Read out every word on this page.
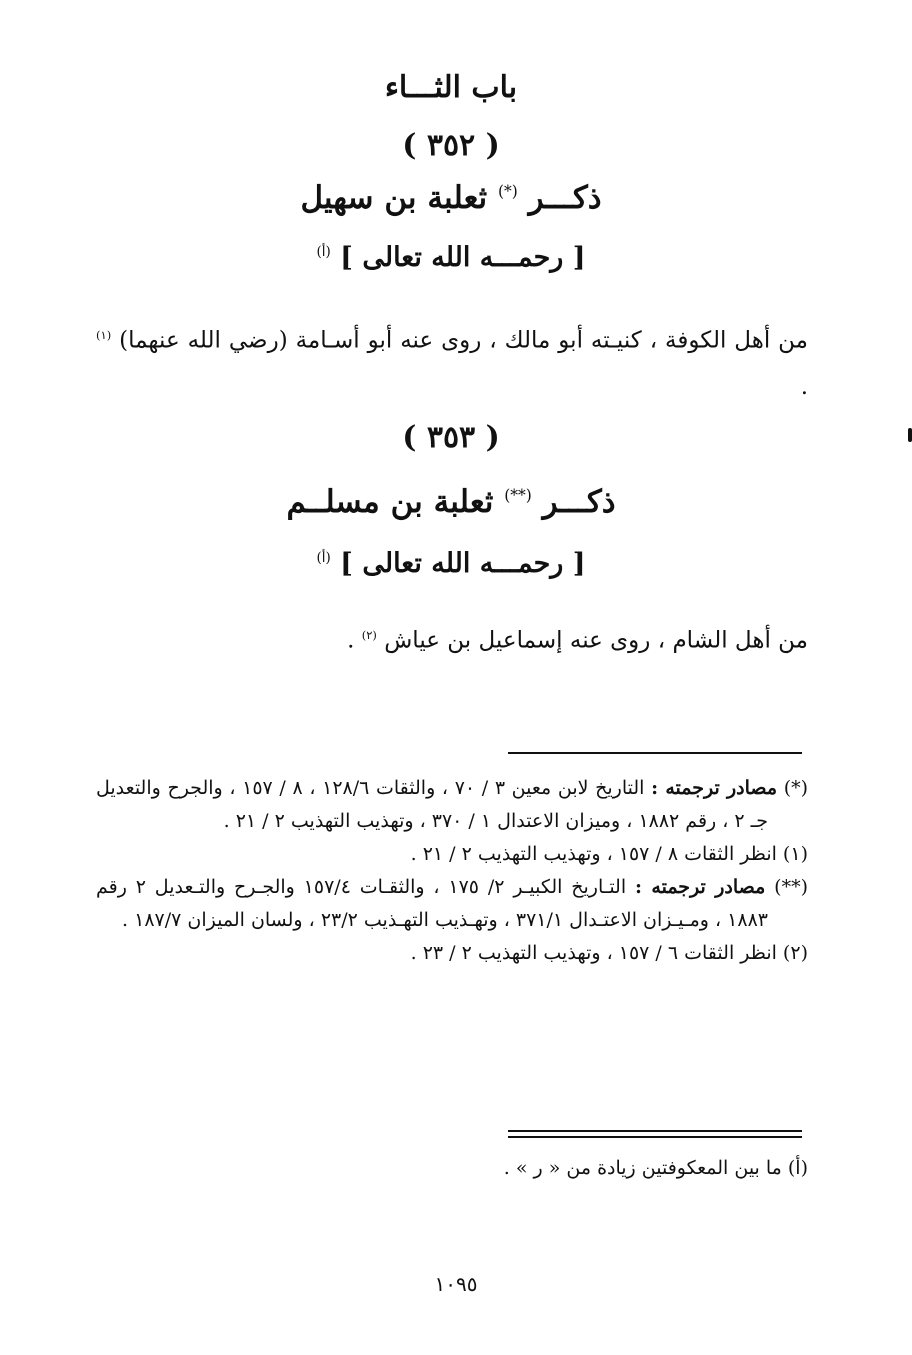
باب الثـــاء
( ٣٥٢ )
ذكـــر (*) ثعلبة بن سهيل
[ رحمـــه الله تعالى ] $^{(أ)}$

من أهل الكوفة ، كنيـته أبو مالك ، روى عنه أبو أسـامة (رضي الله عنهما) $^{(١)}$ .

( ٣٥٣ )
ذكـــر (**) ثعلبة بن مسلــم
[ رحمـــه الله تعالى ] $^{(أ)}$

من أهل الشام ، روى عنه إسماعيل بن عياش $^{(٢)}$ .

(*) مصادر ترجمته : التاريخ لابن معين ٣ / ٧٠ ، والثقات ١٢٨/٦ ، ٨ / ١٥٧ ، والجرح والتعديل جـ ٢ ، رقم ١٨٨٢ ، وميزان الاعتدال ١ / ٣٧٠ ، وتهذيب التهذيب ٢ / ٢١ .

(١) انظر الثقات ٨ / ١٥٧ ، وتهذيب التهذيب ٢ / ٢١ .

(**) مصادر ترجمته : التـاريخ الكبيـر ٢/ ١٧٥ ، والثقـات ١٥٧/٤ والجـرح والتـعديل ٢ رقم ١٨٨٣ ، ومـيـزان الاعتـدال ٣٧١/١ ، وتهـذيب التهـذيب ٢٣/٢ ، ولسان الميزان ١٨٧/٧ .

(٢) انظر الثقات ٦ / ١٥٧ ، وتهذيب التهذيب ٢ / ٢٣ .

(أ) ما بين المعكوفتين زيادة من « ر » .
١٠٩٥
